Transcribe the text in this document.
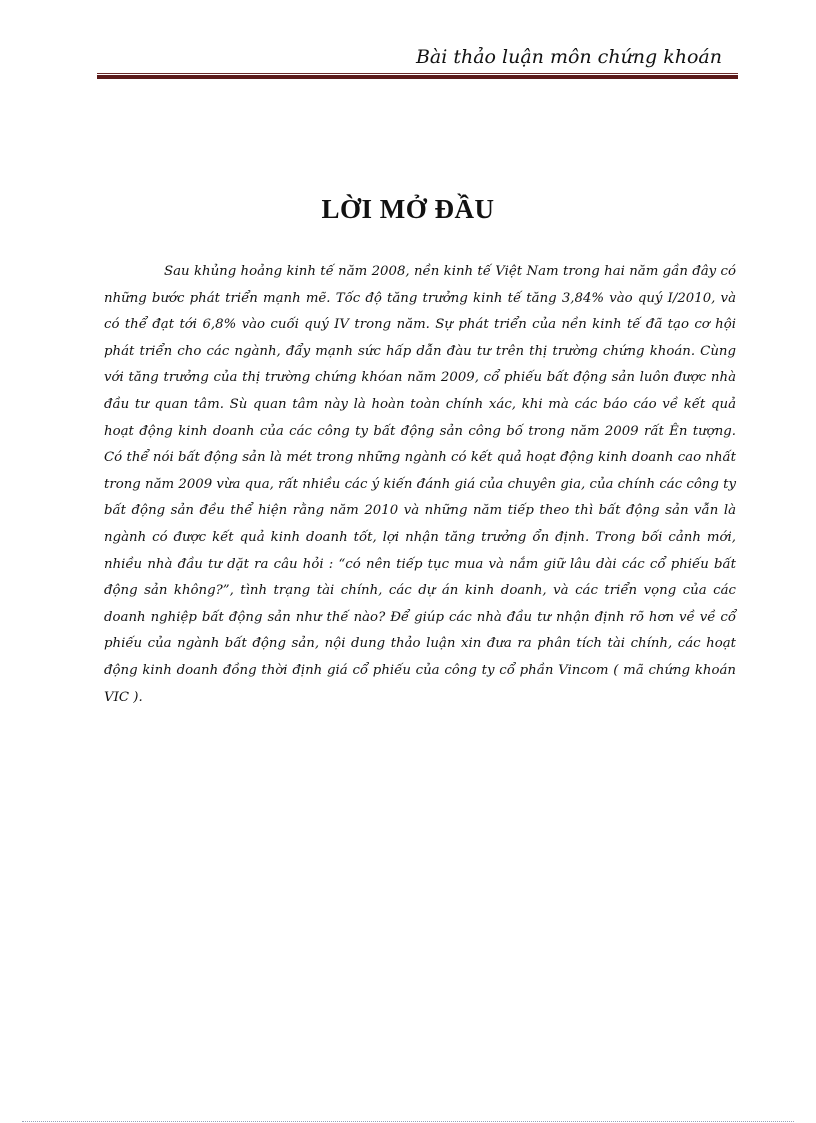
Bài thảo luận môn chứng khoán
LỜI MỞ ĐẦU

Sau khủng hoảng kinh tế năm 2008, nền kinh tế Việt Nam trong hai năm gần đây có những bước phát triển mạnh mẽ. Tốc độ tăng trưởng kinh tế tăng 3,84% vào quý I/2010, và có thể đạt tới 6,8% vào cuối quý IV trong năm. Sự phát triển của nền kinh tế đã tạo cơ hội phát triển cho các ngành, đẩy mạnh sức hấp dẫn đàu tư trên thị trường chứng khoán. Cùng với tăng trưởng của thị trường chứng khóan năm 2009, cổ phiếu bất động sản luôn được nhà đầu tư quan tâm. Sù quan tâm này là hoàn toàn chính xác, khi mà các báo cáo về kết quả hoạt động kinh doanh của các công ty bất động sản công bố trong năm 2009 rất Ên tượng. Có thể nói bất động sản là mét trong những ngành có kết quả hoạt động kinh doanh cao nhất trong năm 2009 vừa qua, rất nhiều các ý kiến đánh giá của chuyên gia, của chính các công ty bất động sản đều thể hiện rằng năm 2010 và những năm tiếp theo thì bất động sản vẫn là ngành có được kết quả kinh doanh tốt, lợi nhận tăng trưởng ổn định. Trong bối cảnh mới, nhiều nhà đầu tư dặt ra câu hỏi : “có nên tiếp tục mua và nắm giữ lâu dài các cổ phiếu bất động sản không?”, tình trạng tài chính, các dự án kinh doanh, và các triển vọng của các doanh nghiệp bất động sản như thế nào? Để giúp các nhà đầu tư nhận định rõ hơn về về cổ phiếu của ngành bất động sản, nội dung thảo luận xin đưa ra phân tích tài chính, các hoạt động kinh doanh đồng thời định giá cổ phiếu của công ty cổ phần Vincom ( mã chứng khoán VIC ).
